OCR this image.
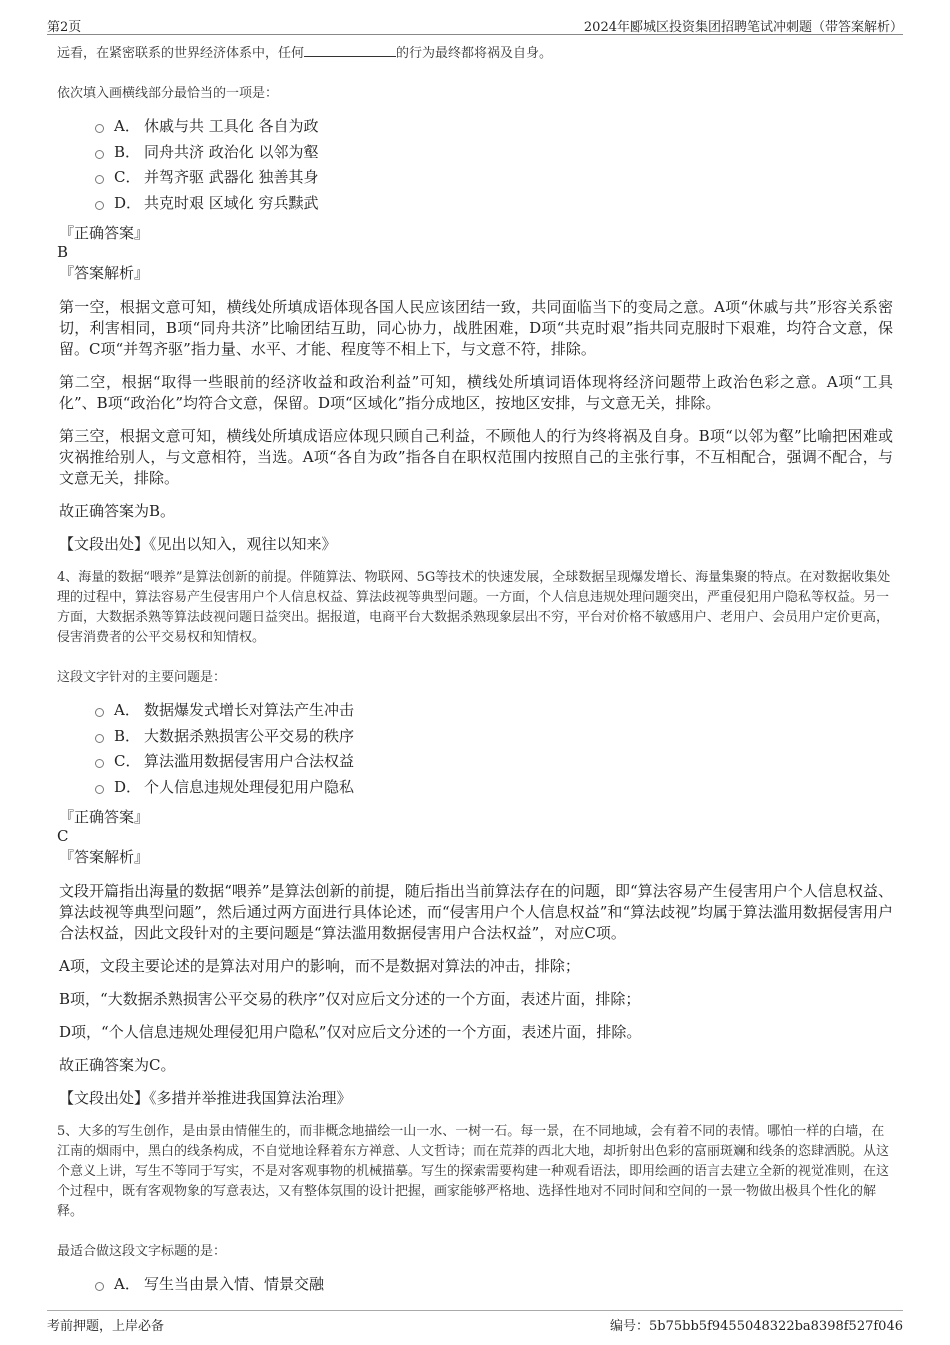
第2页	2024年郾城区投资集团招聘笔试冲刺题（带答案解析）

远看，在紧密联系的世界经济体系中，任何	的行为最终都将祸及自身。

依次填入画横线部分最恰当的一项是：

A． 休戚与共 工具化 各自为政
B． 同舟共济 政治化 以邻为壑
C． 并驾齐驱 武器化 独善其身
D． 共克时艰 区域化 穷兵黩武
『正确答案』
B
『答案解析』

第一空，根据文意可知，横线处所填成语体现各国人民应该团结一致，共同面临当下的变局之意。A项“休戚与共”形容关系密切，利害相同，B项“同舟共济”比喻团结互助，同心协力，战胜困难，D项“共克时艰”指共同克服时下艰难，均符合文意，保留。C项“并驾齐驱”指力量、水平、才能、程度等不相上下，与文意不符，排除。

第二空，根据“取得一些眼前的经济收益和政治利益”可知，横线处所填词语体现将经济问题带上政治色彩之意。A项“工具化”、B项“政治化”均符合文意，保留。D项“区域化”指分成地区，按地区安排，与文意无关，排除。

第三空，根据文意可知，横线处所填成语应体现只顾自己利益，不顾他人的行为终将祸及自身。B项“以邻为壑”比喻把困难或灾祸推给别人，与文意相符，当选。A项“各自为政”指各自在职权范围内按照自己的主张行事，不互相配合，强调不配合，与文意无关，排除。

故正确答案为B。

【文段出处】《见出以知入，观往以知来》

4、海量的数据“喂养”是算法创新的前提。伴随算法、物联网、5G等技术的快速发展，全球数据呈现爆发增长、海量集聚的特点。在对数据收集处理的过程中，算法容易产生侵害用户个人信息权益、算法歧视等典型问题。一方面，个人信息违规处理问题突出，严重侵犯用户隐私等权益。另一方面，大数据杀熟等算法歧视问题日益突出。据报道，电商平台大数据杀熟现象层出不穷，平台对价格不敏感用户、老用户、会员用户定价更高，侵害消费者的公平交易权和知情权。

这段文字针对的主要问题是：

A． 数据爆发式增长对算法产生冲击
B． 大数据杀熟损害公平交易的秩序
C． 算法滥用数据侵害用户合法权益
D． 个人信息违规处理侵犯用户隐私
『正确答案』
C
『答案解析』

文段开篇指出海量的数据“喂养”是算法创新的前提，随后指出当前算法存在的问题，即“算法容易产生侵害用户个人信息权益、算法歧视等典型问题”，然后通过两方面进行具体论述，而“侵害用户个人信息权益”和“算法歧视”均属于算法滥用数据侵害用户合法权益，因此文段针对的主要问题是“算法滥用数据侵害用户合法权益”，对应C项。

A项，文段主要论述的是算法对用户的影响，而不是数据对算法的冲击，排除；

B项，“大数据杀熟损害公平交易的秩序”仅对应后文分述的一个方面，表述片面，排除；

D项，“个人信息违规处理侵犯用户隐私”仅对应后文分述的一个方面，表述片面，排除。

故正确答案为C。

【文段出处】《多措并举推进我国算法治理》

5、大多的写生创作，是由景由情催生的，而非概念地描绘一山一水、一树一石。每一景，在不同地域，会有着不同的表情。哪怕一样的白墙，在江南的烟雨中，黑白的线条构成，不自觉地诠释着东方禅意、人文哲诗；而在荒莽的西北大地，却折射出色彩的富丽斑斓和线条的恣肆洒脱。从这个意义上讲，写生不等同于写实，不是对客观事物的机械描摹。写生的探索需要构建一种观看语法，即用绘画的语言去建立全新的视觉准则，在这个过程中，既有客观物象的写意表达，又有整体氛围的设计把握，画家能够严格地、选择性地对不同时间和空间的一景一物做出极具个性化的解释。

最适合做这段文字标题的是：

A． 写生当由景入情、情景交融
考前押题，上岸必备	编号：5b75bb5f9455048322ba8398f527f046
